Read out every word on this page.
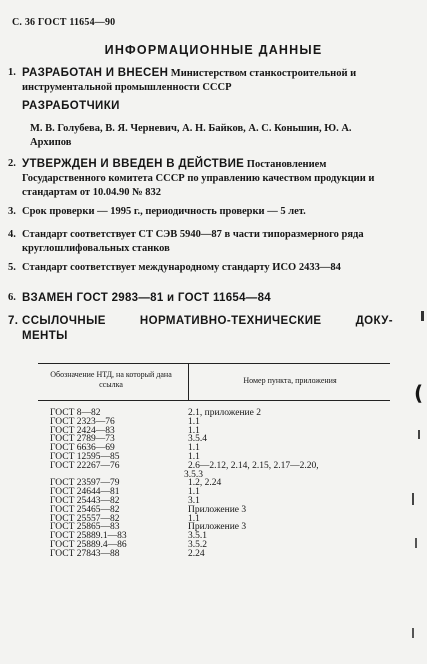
С. 36 ГОСТ 11654—90
ИНФОРМАЦИОННЫЕ ДАННЫЕ
1. РАЗРАБОТАН И ВНЕСЕН Министерством станкостроительной и инструментальной промышленности СССР
РАЗРАБОТЧИКИ
М. В. Голубева, В. Я. Черневич, А. Н. Байков, А. С. Коньшин, Ю. А. Архипов
2. УТВЕРЖДЕН И ВВЕДЕН В ДЕЙСТВИЕ Постановлением Государственного комитета СССР по управлению качеством продукции и стандартам от 10.04.90 № 832
3. Срок проверки — 1995 г., периодичность проверки — 5 лет.
4. Стандарт соответствует СТ СЭВ 5940—87 в части типоразмерного ряда круглошлифовальных станков
5. Стандарт соответствует международному стандарту ИСО 2433—84
6. ВЗАМЕН ГОСТ 2983—81 и ГОСТ 11654—84
7. ССЫЛОЧНЫЕ	НОРМАТИВНО-ТЕХНИЧЕСКИЕ	ДОКУ-
МЕНТЫ
Обозначение НТД, на который дана ссылка	Номер пункта, приложения
ГОСТ 8—82	2.1, приложение 2
ГОСТ 2323—76	1.1
ГОСТ 2424—83	1.1
ГОСТ 2789—73	3.5.4
ГОСТ 6636—69	1.1
ГОСТ 12595—85	1.1
ГОСТ 22267—76	2.6—2.12, 2.14, 2.15, 2.17—2.20,
3.5.3
ГОСТ 23597—79	1.2, 2.24
ГОСТ 24644—81	1.1
ГОСТ 25443—82	3.1
ГОСТ 25465—82	Приложение 3
ГОСТ 25557—82	1.1
ГОСТ 25865—83	Приложение 3
ГОСТ 25889.1—83	3.5.1
ГОСТ 25889.4—86	3.5.2
ГОСТ 27843—88	2.24
(
